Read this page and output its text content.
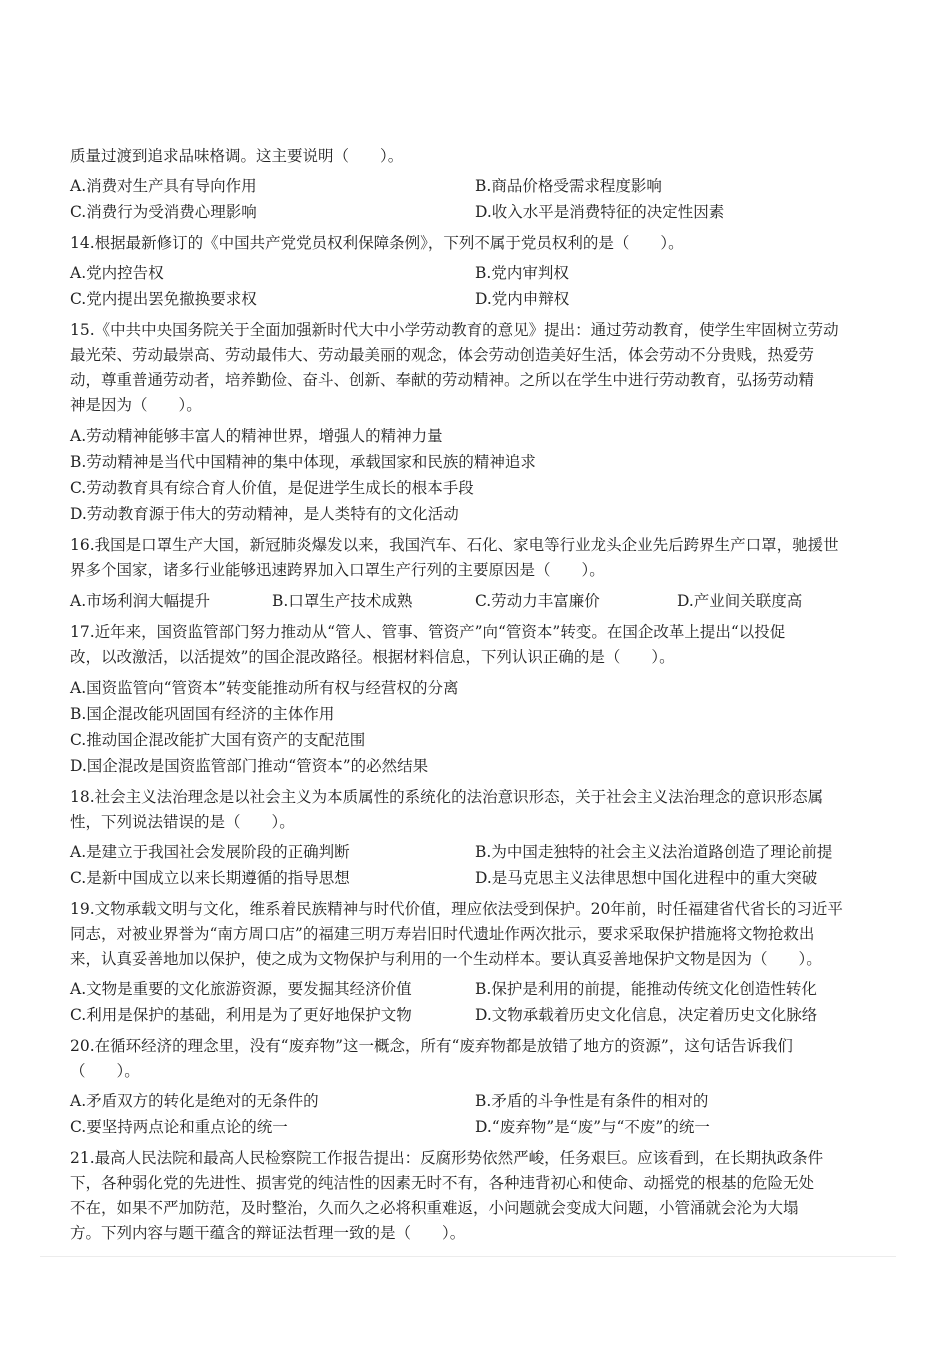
质量过渡到追求品味格调。这主要说明（　　）。
A.消费对生产具有导向作用	B.商品价格受需求程度影响
C.消费行为受消费心理影响	D.收入水平是消费特征的决定性因素
14.根据最新修订的《中国共产党党员权利保障条例》，下列不属于党员权利的是（　　）。
A.党内控告权	B.党内审判权
C.党内提出罢免撤换要求权	D.党内申辩权
15.《中共中央国务院关于全面加强新时代大中小学劳动教育的意见》提出：通过劳动教育，使学生牢固树立劳动
最光荣、劳动最崇高、劳动最伟大、劳动最美丽的观念，体会劳动创造美好生活，体会劳动不分贵贱，热爱劳
动，尊重普通劳动者，培养勤俭、奋斗、创新、奉献的劳动精神。之所以在学生中进行劳动教育，弘扬劳动精
神是因为（　　）。
A.劳动精神能够丰富人的精神世界，增强人的精神力量
B.劳动精神是当代中国精神的集中体现，承载国家和民族的精神追求
C.劳动教育具有综合育人价值，是促进学生成长的根本手段
D.劳动教育源于伟大的劳动精神，是人类特有的文化活动
16.我国是口罩生产大国，新冠肺炎爆发以来，我国汽车、石化、家电等行业龙头企业先后跨界生产口罩，驰援世
界多个国家，诸多行业能够迅速跨界加入口罩生产行列的主要原因是（　　）。
A.市场利润大幅提升	B.口罩生产技术成熟	C.劳动力丰富廉价	D.产业间关联度高
17.近年来，国资监管部门努力推动从“管人、管事、管资产”向“管资本”转变。在国企改革上提出“以投促
改，以改激活，以活提效”的国企混改路径。根据材料信息，下列认识正确的是（　　）。
A.国资监管向“管资本”转变能推动所有权与经营权的分离
B.国企混改能巩固国有经济的主体作用
C.推动国企混改能扩大国有资产的支配范围
D.国企混改是国资监管部门推动“管资本”的必然结果
18.社会主义法治理念是以社会主义为本质属性的系统化的法治意识形态，关于社会主义法治理念的意识形态属
性，下列说法错误的是（　　）。
A.是建立于我国社会发展阶段的正确判断	B.为中国走独特的社会主义法治道路创造了理论前提
C.是新中国成立以来长期遵循的指导思想	D.是马克思主义法律思想中国化进程中的重大突破
19.文物承载文明与文化，维系着民族精神与时代价值，理应依法受到保护。20年前，时任福建省代省长的习近平
同志，对被业界誉为“南方周口店”的福建三明万寿岩旧时代遗址作两次批示，要求采取保护措施将文物抢救出
来，认真妥善地加以保护，使之成为文物保护与利用的一个生动样本。要认真妥善地保护文物是因为（　　）。
A.文物是重要的文化旅游资源，要发掘其经济价值	B.保护是利用的前提，能推动传统文化创造性转化
C.利用是保护的基础，利用是为了更好地保护文物	D.文物承载着历史文化信息，决定着历史文化脉络
20.在循环经济的理念里，没有“废弃物”这一概念，所有“废弃物都是放错了地方的资源”，这句话告诉我们
（　　）。
A.矛盾双方的转化是绝对的无条件的	B.矛盾的斗争性是有条件的相对的
C.要坚持两点论和重点论的统一	D.“废弃物”是“废”与“不废”的统一
21.最高人民法院和最高人民检察院工作报告提出：反腐形势依然严峻，任务艰巨。应该看到，在长期执政条件
下，各种弱化党的先进性、损害党的纯洁性的因素无时不有，各种违背初心和使命、动摇党的根基的危险无处
不在，如果不严加防范，及时整治，久而久之必将积重难返，小问题就会变成大问题，小管涌就会沦为大塌
方。下列内容与题干蕴含的辩证法哲理一致的是（　　）。
